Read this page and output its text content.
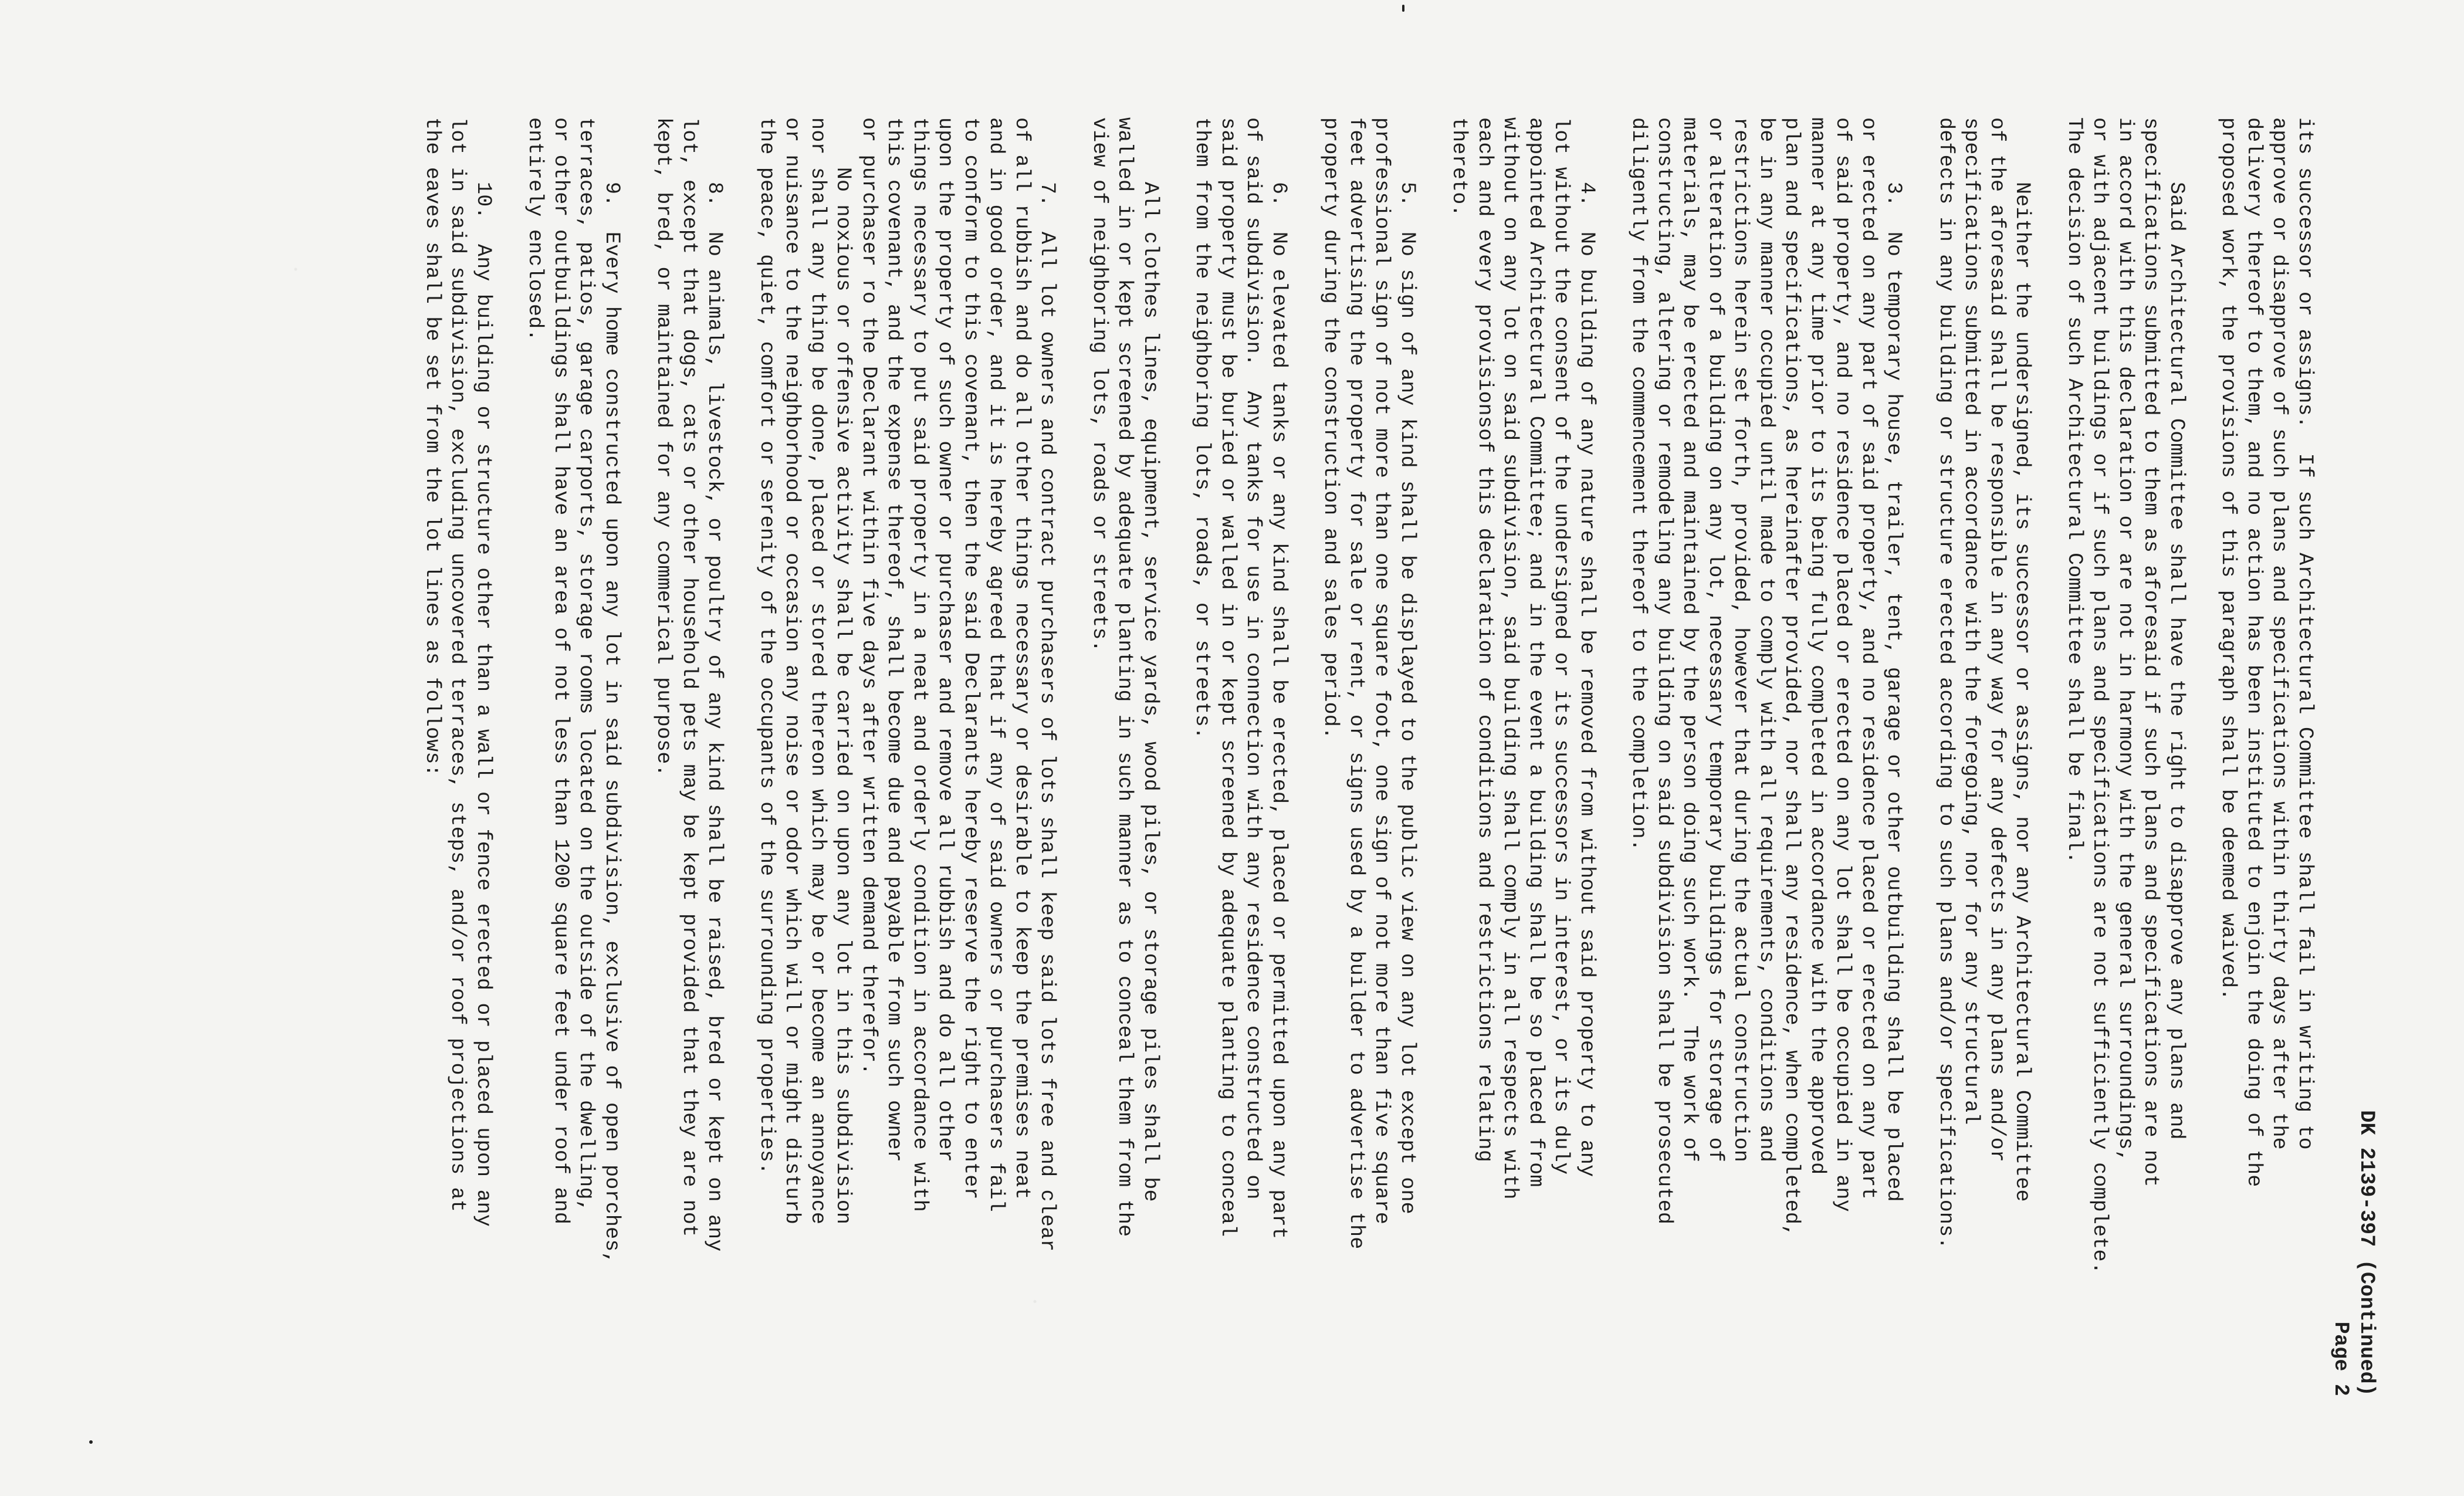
DK 2139-397 (Continued)
Page 2

its successor or assigns.  If such Architectural Committee shall fail in writing to
approve or disapprove of such plans and specifications within thirty days after the
delivery thereof to them, and no action has been instituted to enjoin the doing of the
proposed work, the provisions of this paragraph shall be deemed waived.

Said Architectural Committee shall have the right to disapprove any plans and
specifications submitted to them as aforesaid if such plans and specifications are not
in accord with this declaration or are not in harmony with the general surroundings,
or with adjacent buildings or if such plans and specifications are not sufficiently complete.
The decision of such Architectural Committee shall be final.

Neither the undersigned, its successor or assigns, nor any Architectural Committee
of the aforesaid shall be responsible in any way for any defects in any plans and/or
specifications submitted in accordance with the foregoing, nor for any structural
defects in any building or structure erected according to such plans and/or specifications.

3.  No temporary house, trailer, tent, garage or other outbuilding shall be placed
or erected on any part of said property, and no residence placed or erected on any part
of said property, and no residence placed or erected on any lot shall be occupied in any
manner at any time prior to its being fully completed in accordance with the approved
plan and specifications, as hereinafter provided, nor shall any residence, when completed,
be in any manner occupied until made to comply with all requirements, conditions and
restrictions herein set forth, provided, however that during the actual construction
or alteration of a building on any lot, necessary temporary buildings for storage of
materials, may be erected and maintained by the person doing such work.  The work of
constructing, altering or remodeling any building on said subdivision shall be prosecuted
diligently from the commencement thereof to the completion.

4.  No building of any nature shall be removed from without said property to any
lot without the consent of the undersigned or its successors in interest, or its duly
appointed Architectural Committee; and in the event a building shall be so placed from
without on any lot on said subdivision, said building shall comply in all respects with
each and every provisionsof this declaration of conditions and restrictions relating
thereto.

5.  No sign of any kind shall be displayed to the public view on any lot except one
professional sign of not more than one square foot, one sign of not more than five square
feet advertising the property for sale or rent, or signs used by a builder to advertise the
property during the construction and sales period.

6.  No elevated tanks or any kind shall be erected, placed or permitted upon any part
of said subdivision.  Any tanks for use in connection with any residence constructed on
said property must be buried or walled in or kept screened by adequate planting to conceal
them from the neighboring lots, roads, or streets.

All clothes lines, equipment, service yards, wood piles, or storage piles shall be
walled in or kept screened by adequate planting in such manner as to conceal them from the
view of neighboring lots, roads or streets.

7.  All lot owners and contract purchasers of lots shall keep said lots free and clear
of all rubbish and do all other things necessary or desirable to keep the premises neat
and in good order, and it is hereby agreed that if any of said owners or purchasers fail
to conform to this covenant, then the said Declarants hereby reserve the right to enter
upon the property of such owner or purchaser and remove all rubbish and do all other
things necessary to put said property in a neat and orderly condition in accordance with
this covenant, and the expense thereof, shall become due and payable from such owner
or purchaser ro the Declarant within five days after written demand therefor.
No noxious or offensive activity shall be carried on upon any lot in this subdivision
nor shall any thing be done, placed or stored thereon which may be or become an annoyance
or nuisance to the neighborhood or occasion any noise or odor which will or might disturb
the peace, quiet, comfort or serenity of the occupants of the surrounding properties.

8.  No animals, livestock, or poultry of any kind shall be raised, bred or kept on any
lot, except that dogs, cats or other household pets may be kept provided that they are not
kept, bred, or maintained for any commerical purpose.

9.  Every home constructed upon any lot in said subdivision, exclusive of open porches,
terraces, patios, garage carports, storage rooms located on the outside of the dwelling,
or other outbuildings shall have an area of not less than 1200 square feet under roof and
entirely enclosed.

10.  Any building or structure other than a wall or fence erected or placed upon any
lot in said subdivision, excluding uncovered terraces, steps, and/or roof projections at
the eaves shall be set from the lot lines as follows:
